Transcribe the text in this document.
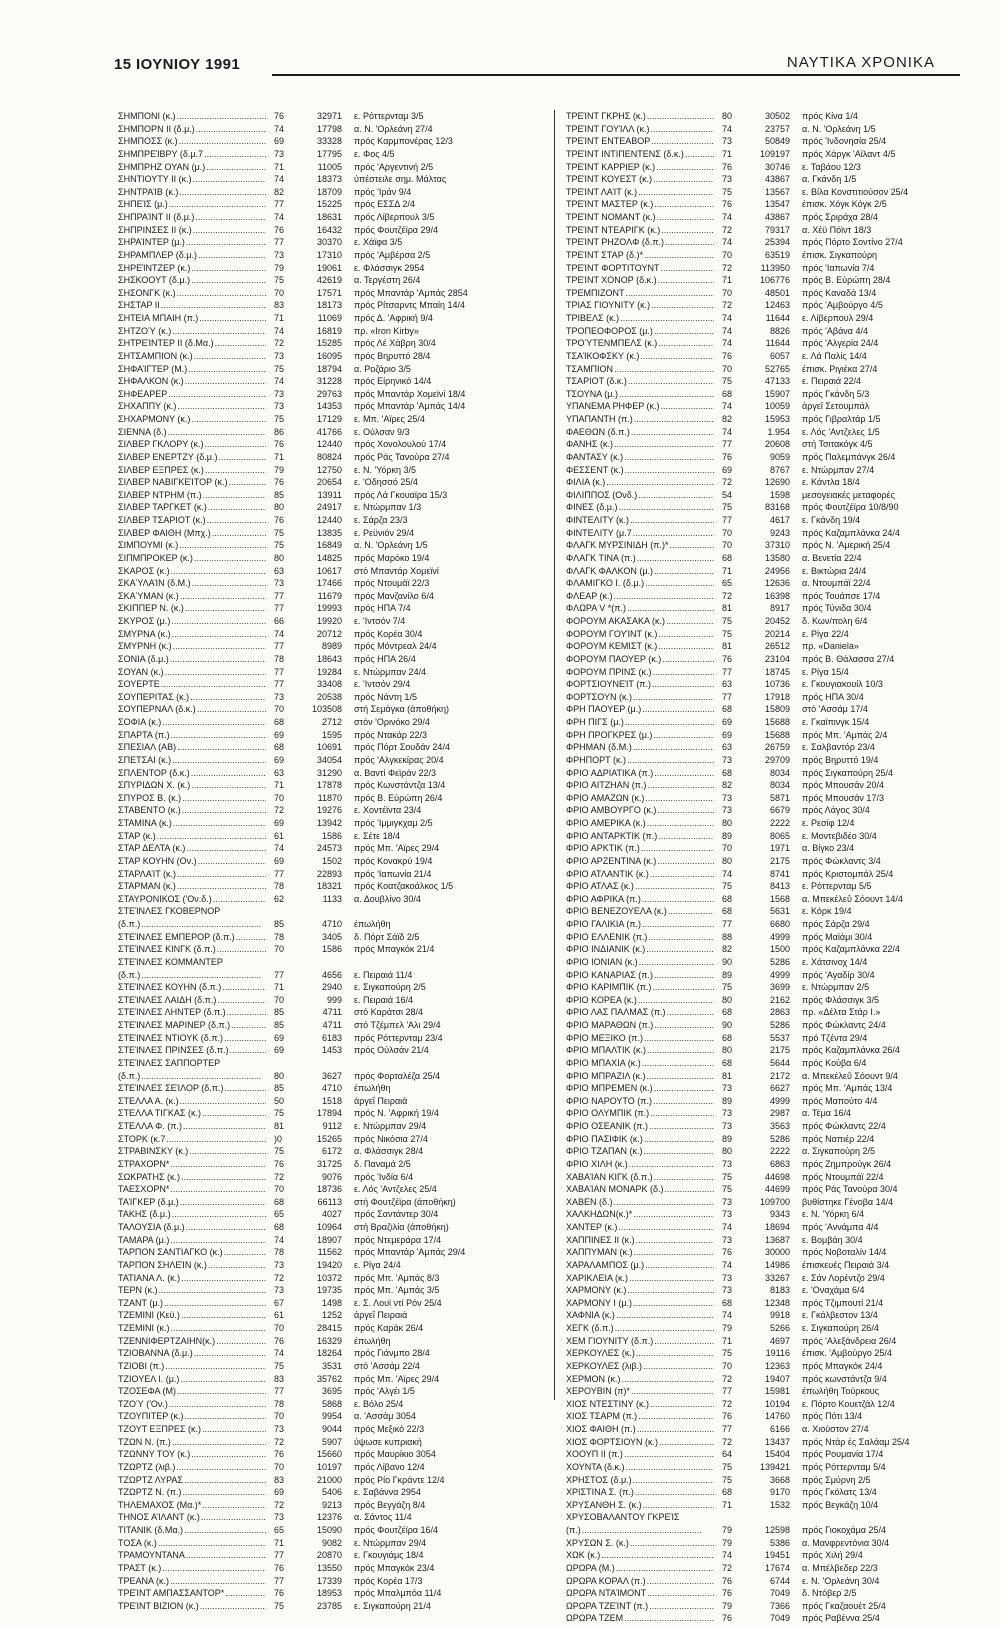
15 ΙΟΥΝΙΟΥ 1991	ΝΑΥΤΙΚΑ ΧΡΟΝΙΚΑ
ΣΗΜΠΟΝΙ (κ.) .....	76	32971 ε. Ρόττερνταμ 3/5
ΣΗΜΠΟΡΝ ΙΙ (δ.μ.) .....	74	17798 α. Ν. 'Ορλεάνη 27/4
ΣΗΜΠΟΣΣ (κ.) .....	69	33328 πρός Καρμπονέρας 12/3
ΣΗΜΠΡΕΊΒΡΥ (δ.μ.7 .....	73	17795 ε. Φος 4/5
ΣΗΜΠΡΗΖ ΟΥΑΝ (μ.) .....	71	11005 πρός 'Αργεντινή 2/5
ΣΗΝΤΙΟΥΤΥ ΙΙ (κ.) .....	74	18373 ύπέστειλε σημ. Μάλτας
ΣΗΝΤΡΑΊΒ (κ.) .....	82	18709 πρός 'Ιράν 9/4
ΣΗΠΕΊΣ (μ.) .....	77	15225 πρός ΕΣΣΔ 2/4
ΣΗΠΡΑΊΝΤ ΙΙ (δ.μ.) .....	74	18631 πρός Λίβερπουλ 3/5
ΣΗΠΡΙΝΣΕΣ ΙΙ (κ.) .....	76	16432 πρός Φουτζέϊρα 29/4
ΣΗΡΑΊΝΤΕΡ (μ.) .....	77	30370 ε. Χάϊφα 3/5
ΣΗΡΑΜΠΛΕΡ (δ.μ.) .....	73	17310 πρός 'Αμβέρσα 2/5
ΣΗΡΕΊΝΤΖΕΡ (κ.) .....	79	19061 ε. Φλάσσιγκ 2954
ΣΗΣΚΟΟΥΤ (δ.μ.) .....	75	42619 α. Τεργέστη 26/4
ΣΗΣΟΝΓΚ (κ.) .....	70	17571 πρός Μπαντάρ 'Αμπάς 2854
ΣΗΣΤΑΡ ΙΙ .....	83	18173 πρός Ρίτσαρντς Μπαίη 14/4
ΣΗΤΕΙΑ ΜΠΑΙΗ (π.) .....	71	11069 πρός Δ. 'Αφρική 9/4
ΣΗΤΖΟΎ (κ.) .....	74	16819 πρ. «Iron Kirby»
ΣΗΤΡΕΊΝΤΕΡ ΙΙ (δ.Μα.) .....	72	15285 πρός Λέ Χάβρη 30/4
ΣΗΤΣΑΜΠΙΟΝ (κ.) .....	73	16095 πρός Βηρυττό 28/4
ΣΗΦΑΊΓΤΕΡ (Μ.) .....	75	18794 α. Ροζάριο 3/5
ΣΗΦΑΛΚΟΝ (κ.) .....	74	31228 πρός Είρηνικό 14/4
ΣΗΦΕΑΡΕΡ .....	73	29763 πρός Μπαντάρ Χομεϊνί 18/4
ΣΗΧΑΠΠΥ (κ.) .....	73	14353 πρός Μπαντάρ 'Αμπάς 14/4
ΣΗΧΑΡΜΟΝΥ (κ.) .....	75	17129 ε. Μπ. 'Αϊρες 25/4
ΣΙΕΝΝΑ (δ.) .....	86	41766 ε. Ούλσαν 9/3
ΣΙΛΒΕΡ ΓΚΛΟΡΥ (κ.) .....	76	12440 πρός Χονολουλού 17/4
ΣΙΛΒΕΡ ΕΝΕΡΤΖΥ (δ.μ.) .....	71	80824 πρός Ράς Τανούρα 27/4
ΣΙΛΒΕΡ ΕΞΠΡΕΣ (κ.) .....	79	12750 ε. Ν. 'Υόρκη 3/5
ΣΙΛΒΕΡ ΝΑΒΙΓΚΕΊΤΟΡ (κ.) .....	76	20654 ε. 'Οδησσό 25/4
ΣΙΛΒΕΡ ΝΤΡΗΜ (π.) .....	85	13911 πρός Λά Γκουαϊρα 15/3
ΣΙΛΒΕΡ ΤΑΡΓΚΕΤ (κ.) .....	80	24917 ε. Ντώρμπαν 1/3
ΣΙΛΒΕΡ ΤΣΑΡΙΟΤ (κ.) .....	76	12440 ε. Σάρζα 23/3
ΣΙΛΒΕΡ ΦΑΙΘΗ (Μπχ.) .....	75	13835 ε. Ρεϋνιόν 29/4
ΣΙΜΠΟΥΜΙ (κ.) .....	75	16849 α. Ν. 'Ορλεάνη 1/5
ΣΙΠΜΠΡΟΚΕΡ (κ.) .....	80	14825 πρός Μαρόκο 19/4
ΣΚΑΡΟΣ (κ.) .....	63	10617 στό Μπαντάρ Χομεϊνί
ΣΚΑΎΛΑΊΝ (δ.Μ.) .....	73	17466 πρός Ντουμάϊ 22/3
ΣΚΑΎΜΑΝ (κ.) .....	77	11679 πρός Μανζανίλο 6/4
ΣΚΙΠΠΕΡ Ν. (κ.) .....	77	19993 πρός ΗΠΑ 7/4
ΣΚΥΡΟΣ (μ.) .....	66	19920 ε. 'Ιντσόν 7/4
ΣΜΥΡΝΑ (κ.) .....	74	20712 πρός Κορέα 30/4
ΣΜΥΡΝΗ (κ.) .....	77	8989 πρός Μόντρεαλ 24/4
ΣΟΝΙΑ (δ.μ.) .....	78	18643 πρός ΗΠΑ 26/4
ΣΟΥΑΝ (κ.) .....	77	19284 ε. Ντώρμπαν 24/4
ΣΟΥΕΡΤΕ .....	77	33408 ε. 'Ιντσόν 29/4
ΣΟΥΠΕΡΙΤΑΣ (κ.) .....	73	20538 πρός Νάντη 1/5
ΣΟΥΠΕΡΝΑΛ (δ.κ.) .....	70	103508 στή Σεμάγκα (άποθήκη)
ΣΟΦΙΑ (κ.) .....	68	2712 στόν 'Ορινόκο 29/4
ΣΠΑΡΤΑ (π.) .....	69	1595 πρός Ντακάρ 22/3
ΣΠΕΣΙΑΛ (ΑΒ) .....	68	10691 πρός Πόρτ Σουδάν 24/4
ΣΠΕΤΣΑΙ (κ.) .....	69	34054 πρός 'Αλγκεκίρας 20/4
ΣΠΛΕΝΤΟΡ (δ.κ.) .....	63	31290 α. Βαντί Φεϊράν 22/3
ΣΠΥΡΙΔΩΝ Χ. (κ.) .....	71	17878 πρός Κωνστάντζα 13/4
ΣΠΥΡΟΣ Β. (κ.) .....	70	11870 πρός Β. Εύρώπη 26/4
ΣΤΑΒΕΝΤΟ (κ.) .....	72	19276 ε. Χοντέϊντα 23/4
ΣΤΑΜΙΝΑ (κ.) .....	69	13942 πρός 'Ιμμιγκχαμ 2/5
ΣΤΑΡ (κ.) .....	61	1586 ε. Σέτε 18/4
ΣΤΑΡ ΔΕΛΤΑ (κ.) .....	74	24573 πρός Μπ. 'Αϊρες 29/4
ΣΤΑΡ ΚΟΥΗΝ (Ον.) .....	69	1502 πρός Κονακρύ 19/4
ΣΤΑΡΛΑΊΤ (κ.) .....	77	22893 πρός 'Ιαπωνία 21/4
ΣΤΑΡΜΑΝ (κ.) .....	78	18321 πρός Κοατζακοάλκος 1/5
ΣΤΑΥΡΟΝΙΚΟΣ ('Ον.δ.) .....	62	1133 α. Δουβλίνο 30/4
ΣΤΕΊΝΛΕΣ ΓΚΟΒΕΡΝΟΡ
(δ.π.) .....	85	4710 έπωλήθη
ΣΤΕΊΝΛΕΣ ΕΜΠΕΡΟΡ (δ.π.) .....	78	3405 δ. Πόρτ Σάϊδ 2/5
ΣΤΕΊΝΛΕΣ ΚΙΝΓΚ (δ.π.) .....	70	1586 πρός Μπαγκόκ 21/4
ΣΤΕΊΝΛΕΣ ΚΟΜΜΑΝΤΕΡ
(δ.π.) .....	77	4656 ε. Πειραιά 11/4
ΣΤΕΊΝΛΕΣ ΚΟΥΗΝ (δ.π.) .....	71	2940 ε. Σιγκαπούρη 2/5
ΣΤΕΊΝΛΕΣ ΛΑΙΔΗ (δ.π.) .....	70	999 ε. Πειραιά 16/4
ΣΤΕΊΝΛΕΣ ΛΗΝΤΕΡ (δ.π.) .....	85	4711 στό Καράτσι 28/4
ΣΤΕΊΝΛΕΣ ΜΑΡΙΝΕΡ (δ.π.) .....	85	4711 στό Τζέμπελ 'Αλι 29/4
ΣΤΕΊΝΛΕΣ ΝΤΙΟΥΚ (δ.π.) .....	69	6183 πρός Ρόττερνταμ 23/4
ΣΤΕΊΝΛΕΣ ΠΡΙΝΣΕΣ (δ.π.) .....	69	1453 πρός Ούλσάν 21/4
ΣΤΕΊΝΛΕΣ ΣΑΠΠΟΡΤΕΡ
(δ.π.) .....	80	3627 πρός Φορταλέζα 25/4
ΣΤΕΊΝΛΕΣ ΣΕΊΛΟΡ (δ.π.) .....	85	4710 έπωλήθη
ΣΤΕΛΛΑ Α. (κ.) .....	50	1518 άργεΐ Πειραιά
ΣΤΕΛΛΑ ΤΙΓΚΑΣ (κ.) .....	75	17894 πρός Ν. 'Αφρική 19/4
ΣΤΕΛΛΑ Φ. (π.) .....	81	9112 ε. Ντώρμπαν 29/4
ΣΤΟΡΚ (κ.7 .....	)0	15265 πρός Νικόσια 27/4
ΣΤΡΑΒΙΝΣΚΥ (κ.) .....	75	6172 α. Φλάσσιγκ 28/4
ΣΤΡΑΧΟΡΝ* .....	76	31725 δ. Παναμά 2/5
ΣΩΚΡΑΤΗΣ (κ.) .....	72	9076 πρός 'Ινδία 6/4
ΤΑΕΣΧΟΡΝ* .....	70	18736 ε. Λός 'Αντζελες 25/4
ΤΑΊΓΚΕΡ (δ.μ.) .....	68	66113 στή Φουτζέϊρα (άποθήκη)
ΤΑΚΗΣ (δ.μ.) .....	65	4027 πρός Σαντάντερ 30/4
ΤΑΛΟΥΣΙΑ (δ.μ.) .....	68	10964 στή Βραζιλία (άποθήκη)
ΤΑΜΑΡΑ (μ.) .....	74	18907 πρός Ντεμεράρα 17/4
ΤΑΡΠΟΝ ΣΑΝΤΙΑΓΚΟ (κ.) .....	78	11562 πρός Μπαντάρ 'Αμπάς 29/4
ΤΑΡΠΟΝ ΣΗΛΕΊΝ (κ.) .....	73	19420 ε. Ρίγα 24/4
ΤΑΤΙΑΝΑ Λ. (κ.) .....	72	10372 πρός Μπ. 'Αμπάς 8/3
ΤΕΡΝ (κ.) .....	73	19735 πρός Μπ. 'Αμπάς 3/5
ΤΖΑΝΤ (μ.) .....	67	1498 ε. Σ. Λουϊ ντί Ρόν 25/4
ΤΖΕΜΙΝΙ (Κεϋ.) .....	61	1252 άργεΐ Πειραιά
ΤΖΕΜΙΝΙ (κ.) .....	70	28415 πρός Καράκ 26/4
ΤΖΕΝΝΙΦΕΡΤΖΑΙΗΝ(κ.) .....	76	16329 έπωλήθη
ΤΖΙΟΒΑΝΝΑ (δ.μ.) .....	74	18264 πρός Γιάνμπο 28/4
ΤΖΙΟΒΙ (π.) .....	75	3531 στό 'Ασσάμ 22/4
ΤΖΙΟΥΕΛ Ι. (μ.) .....	83	35762 πρός Μπ. 'Αϊρες 29/4
ΤΖΟΣΕΦΑ (Μ) .....	77	3695 πρός 'Αλγέι 1/5
ΤΖΟΎ ('Ον.) .....	78	5868 ε. Βόλο 25/4
ΤΖΟΥΠΙΤΕΡ (κ.) .....	70	9954 α. 'Ασσάμ 3054
ΤΖΟΥΤ ΕΞΠΡΕΣ (κ.) .....	73	9044 πρός Μεξικό 22/3
ΤΖΩΝ Ν. (π.) .....	72	5907 ύψωσε κυπριακή
ΤΖΩΝΝΥ ΤΟΥ (κ.) .....	76	15660 πρός Μαυρίκιο 3054
ΤΖΩΡΤΖ (λιβ.) .....	70	10197 πρός Λίβανο 12/4
ΤΖΩΡΤΖ ΛΥΡΑΣ .....	83	21000 πρός Ρίο Γκράντε 12/4
ΤΖΩΡΤΖ Ν. (π.) .....	69	5406 ε. Σαβάννα 2954
ΤΗΛΕΜΑΧΟΣ (Μα.)* .....	72	9213 πρός Βεγγάζη 8/4
ΤΗΝΟΣ ΑΊΛΑΝΤ (κ.) .....	73	12376 α. Σάντος 11/4
ΤΙΤΑΝΙΚ (δ.Μα.) .....	65	15090 πρός Φουτζέϊρα 16/4
ΤΟΣΑ (κ.) .....	71	9082 ε. Ντώρμπαν 29/4
ΤΡΑΜΟΥΝΤΑΝΑ .....	77	20870 ε. Γκουγιάμς 18/4
ΤΡΑΣΤ (κ.) .....	76	13550 πρός Μπαγκόκ 23/4
ΤΡΕΑΝΑ (κ.) .....	77	17339 πρός Κορέα 17/3
ΤΡΕΊΝΤ ΑΜΠΑΣΣΑΝΤΟΡ* .....	76	18953 πρός Μπαλμπόα 11/4
ΤΡΕΊΝΤ ΒΙΖΙΟΝ (κ.) .....	75	23785 ε. Σιγκαπούρη 21/4
ΤΡΕΊΝΤ ΓΚΡΗΣ (κ.) .....	80	30502 πρός Κίνα 1/4
ΤΡΕΊΝΤ ΓΟΥΊΛΛ (κ.) .....	74	23757 α. Ν. 'Ορλεάνη 1/5
ΤΡΕΊΝΤ ΕΝΤΕΑΒΟΡ .....	73	50849 πρός 'Ινδονησία 25/4
ΤΡΕΊΝΤ ΙΝΤΙΠΕΝΤΕΝΣ (δ.κ.) .....	71	109197 πρός Χάργκ 'Αϊλαντ 4/5
ΤΡΕΊΝΤ ΚΑΡΡΙΕΡ (κ.) .....	76	30746 ε. Ταβάου 12/3
ΤΡΕΊΝΤ ΚΟΥΕΣΤ (κ.) .....	73	43867 α. Γκάνδη 1/5
ΤΡΕΊΝΤ ΛΑΊΤ (κ.) .....	75	13567 ε. Βίλα Κονστιτιούσον 25/4
ΤΡΕΊΝΤ ΜΑΣΤΕΡ (κ.) .....	76	13547 έπισκ. Χόγκ Κόγκ 2/5
ΤΡΕΊΝΤ ΝΟΜΑΝΤ (κ.) .....	74	43867 πρός Σριράχα 28/4
ΤΡΕΊΝΤ ΝΤΕΑΡΙΓΚ (κ.) .....	72	79317 α. Χέϋ Πόϊντ 18/3
ΤΡΕΊΝΤ ΡΗΖΟΛΦ (δ.π.) .....	74	25394 πρός Πόρτο Σοντίνο 27/4
ΤΡΕΊΝΤ ΣΤΑΡ (δ.)* .....	70	63519 έπισκ. Σιγκαπούρη
ΤΡΕΊΝΤ ΦΟΡΤΙΤΟΥΝΤ .....	72	113950 πρός 'Ιαπωνία 7/4
ΤΡΕΊΝΤ ΧΟΝΟΡ (δ.κ.) .....	71	106776 πρός Β. Εύρώπη 28/4
ΤΡΕΜΠΙΖΟΝΤ .....	70	48501 πρός Καναδά 13/4
ΤΡΙΑΣ ΓΙΟΥΝΙΤΥ (κ.) .....	72	12463 πρός 'Αμβούργο 4/5
ΤΡΙΒΕΛΣ (κ.) .....	74	11644 ε. Λίβερπουλ 29/4
ΤΡΟΠΕΟΦΟΡΟΣ (μ.) .....	74	8826 πρός 'Αβάνα 4/4
ΤΡΟΎΤΕΝΜΠΕΛΣ (κ.) .....	74	11644 πρός 'Αλγερία 24/4
ΤΣΑΊΚΟΦΣΚΥ (κ.) .....	76	6057 ε. Λά Παλίς 14/4
ΤΣΑΜΠΙΟΝ .....	70	52765 έπισκ. Ριγιέκα 27/4
ΤΣΑΡΙΟΤ (δ.κ.) .....	75	47133 ε. Πειραιά 22/4
ΤΣΟΥΝΑ (μ.) .....	68	15907 πρός Γκάνδη 5/3
ΥΠΑΝΕΜΑ ΡΗΦΕΡ (κ.) .....	74	10059 άργεΐ Σετουμπάλ
ΥΠΑΠΑΝΤΗ (π.) .....	82	15953 πρός Γιβραλτάρ 1/5
ΦΑΕΘΩΝ (δ.π.) .....	74	1.954 ε. Λός 'Αντζελες 1/5
ΦΑΝΗΣ (κ.) .....	77	20608 στή Τσιτακόγκ 4/5
ΦΑΝΤΑΣΥ (κ.) .....	76	9059 πρός Παλεμπάνγκ 26/4
ΦΕΣΣΕΝΤ (κ.) .....	69	8767 ε. Ντώρμπαν 27/4
ΦΙΛΙΑ (κ.) .....	72	12690 ε. Κάντλα 18/4
ΦΙΛΙΠΠΟΣ (Ονδ.) .....	54	1598 μεσογειακές μεταφορές
ΦΙΝΕΣ (δ.μ.) .....	75	83168 πρός Φουτζέϊρα 10/8/90
ΦΙΝΤΕΛΙΤΥ (κ.) .....	77	4617 ε. Γκάνδη 19/4
ΦΙΝΤΕΛΙΤΥ (μ.7 .....	70	9243 πρός Καζαμπλάνκα 24/4
ΦΛΑΓΚ ΜΥΡΣΙΝΙΔΗ (π.)* .....	70	37310 πρός Ν. 'Αμερική 25/4
ΦΛΑΓΚ ΤΙΝΑ (π.) .....	68	13580 α. Βενετία 22/4
ΦΛΑΓΚ ΦΑΛΚΟΝ (μ.) .....	71	24956 ε. Βικτώρια 24/4
ΦΛΑΜΙΓΚΟ Ι. (δ.μ.) .....	65	12636 α. Ντουμπάϊ 22/4
ΦΛΕΑΡ (κ.) .....	72	16398 πρός Τουάπσε 17/4
ΦΛΩΡΑ V *(π.) .....	81	8917 πρός Τύνιδα 30/4
ΦΟΡΟΥΜ ΑΚΑΣΑΚΑ (κ.) .....	75	20452 δ. Κων/πολη 6/4
ΦΟΡΟΥΜ ΓΟΥΊΝΤ (κ.) .....	75	20214 ε. Ρίγα 22/4
ΦΟΡΟΥΜ ΚΕΜΙΣΤ (κ.) .....	81	26512 πρ. «Daniela»
ΦΟΡΟΥΜ ΠΑΟΥΕΡ (κ.) .....	76	23104 πρός Β. Θάλασσα 27/4
ΦΟΡΟΥΜ ΠΡΙΝΣ (κ.) .....	77	18745 ε. Ρίγα 15/4
ΦΟΡΤΣΙΟΥΝΕΊΤ (π.) .....	63	10736 ε. Γκουγιακουίλ 10/3
ΦΟΡΤΣΟΥΝ (κ.) .....	77	17918 πρός ΗΠΑ 30/4
ΦΡΗ ΠΑΟΥΕΡ (μ.) .....	68	15809 στό 'Ασσάμ 17/4
ΦΡΗ ΠΙΓΣ (μ.) .....	69	15688 ε. Γκαϊπινγκ 15/4
ΦΡΗ ΠΡΟΓΚΡΕΣ (μ.) .....	69	15688 πρός Μπ. 'Αμπάς 2/4
ΦΡΗΜΑΝ (δ.Μ.) .....	63	26759 ε. Σαλβαντόρ 23/4
ΦΡΗΠΟΡΤ (κ.) .....	73	29709 πρός Βηρυττό 19/4
ΦΡΙΟ ΑΔΡΙΑΤΙΚΑ (π.) .....	68	8034 πρός Σιγκαπούρη 25/4
ΦΡΙΟ ΑΙΤΖΗΑΝ (π.) .....	82	8034 πρός Μπουσάν 20/4
ΦΡΙΟ ΑΜΑΖΩΝ (κ.) .....	73	5871 πρός Μπουσάν 17/3
ΦΡΙΟ ΑΜΒΟΥΡΓΟ (κ.) .....	73	6679 πρός Λάγος 30/4
ΦΡΙΟ ΑΜΕΡΙΚΑ (κ.) .....	80	2222 ε. Ρεσίφ 12/4
ΦΡΙΟ ΑΝΤΑΡΚΤΙΚ (π.) .....	89	8065 ε. Μοντεβιδέο 30/4
ΦΡΙΟ ΑΡΚΤΙΚ (π.) .....	70	1971 α. Βίγκο 23/4
ΦΡΙΟ ΑΡΖΕΝΤΙΝΑ (κ.) .....	80	2175 πρός Φώκλαντς 3/4
ΦΡΙΟ ΑΤΛΑΝΤΙΚ (κ.) .....	74	8741 πρός Κριστομπάλ 25/4
ΦΡΙΟ ΑΤΛΑΣ (κ.) .....	75	8413 ε. Ρόττερνταμ 5/5
ΦΡΙΟ ΑΦΡΙΚΑ (π.) .....	68	1568 α. Μπεκέλεΰ Σόουντ 14/4
ΦΡΙΟ ΒΕΝΕΖΟΥΕΛΑ (κ.) .....	68	5631 ε. Κόρκ 19/4
ΦΡΙΟ ΓΑΛΙΚΙΑ (π.) .....	77	6680 πρός Σάρζα 29/4
ΦΡΙΟ ΕΛΛΕΝΙΚ (π.) .....	88	4999 πρός Μαϊάμι 30/4
ΦΡΙΟ ΙΝΔΙΑΝΙΚ (κ.) .....	82	1500 πρός Καζαμπλάνκα 22/4
ΦΡΙΟ ΙΟΝΙΑΝ (κ.) .....	90	5286 ε. Χάτσινοχ 14/4
ΦΡΙΟ ΚΑΝΑΡΙΑΣ (π.) .....	89	4999 πρός 'Αγαδίρ 30/4
ΦΡΙΟ ΚΑΡΙΜΠΙΚ (π.) .....	75	3699 ε. Ντώρμπαν 2/5
ΦΡΙΟ ΚΟΡΕΑ (κ.) .....	80	2162 πρός Φλάσσιγκ 3/5
ΦΡΙΟ ΛΑΣ ΠΑΛΜΑΣ (π.) .....	68	2863 πρ. «Δέλτα Στάρ Ι.»
ΦΡΙΟ ΜΑΡΑΘΩΝ (π.) .....	90	5286 πρός Φώκλαντς 24/4
ΦΡΙΟ ΜΕΞΙΚΟ (π.) .....	68	5537 πρό Τζέντα 29/4
ΦΡΙΟ ΜΠΑΛΤΙΚ (κ.) .....	80	2175 πρός Καζαμπλάνκα 26/4
ΦΡΙΟ ΜΠΑΧΙΑ (κ.) .....	68	5644 πρός Κούβα 6/4
ΦΡΙΟ ΜΠΡΑΖΙΛ (κ.) .....	81	2172 α. Μπεκέλεΰ Σόουντ 9/4
ΦΡΙΟ ΜΠΡΕΜΕΝ (κ.) .....	73	6627 πρός Μπ. 'Αμπάς 13/4
ΦΡΙΟ ΝΑΡΟΥΤΟ (π.) .....	89	4999 πρός Μαπούτο 4/4
ΦΡΙΟ ΟΛΥΜΠΙΚ (π.) .....	73	2987 α. Τέμα 16/4
ΦΡΙΟ ΟΣΕΑΝΙΚ (π.) .....	73	3563 πρός Φώκλαντς 22/4
ΦΡΙΟ ΠΑΣΙΦΙΚ (κ.) .....	89	5286 πρός Ναπιέρ 22/4
ΦΡΙΟ ΤΖΑΠΑΝ (κ.) .....	80	2222 α. Σιγκαπούρη 2/5
ΦΡΙΟ ΧΙΛΗ (κ.) .....	73	6863 πρός Ζημπρούγκ 26/4
ΧΑΒΑΊΑΝ ΚΙΓΚ (δ.π.) .....	75	44698 πρός Ντουμπάϊ 22/4
ΧΑΒΑΊΑΝ ΜΟΝΑΡΚ (δ.) .....	75	44699 πρός Ράς Τανούρα 30/4
ΧΑΒΕΝ (δ.) .....	73	109700 βυθίστηκε Γένοβα 14/4
ΧΑΛΚΗΔΩΝ(κ.)* .....	73	9343 ε. Ν. 'Υόρκη 6/4
ΧΑΝΤΕΡ (κ.) .....	74	18694 πρός 'Αννάμπα 4/4
ΧΑΠΠΙΝΕΣ ΙΙ (κ.) .....	73	13687 ε. Βομβάη 30/4
ΧΑΠΠΥΜΑΝ (κ.) .....	76	30000 πρός Νοβοταλίν 14/4
ΧΑΡΑΛΑΜΠΟΣ (μ.) .....	74	14986 έπισκευές Πειραιά 3/4
ΧΑΡΙΚΛΕΙΑ (κ.) .....	73	33267 ε. Σάν Λορέντζο 29/4
ΧΑΡΜΟΝΥ (κ.) .....	73	8183 ε. 'Οναχάμα 6/4
ΧΑΡΜΟΝΥ Ι (μ.) .....	68	12348 πρός Τζιμπουτί 21/4
ΧΑΦΝΙΑ (κ.) .....	74	9918 ε. Γκάλβεστον 13/4
ΧΕΓΚ (δ.π.) .....	79	5266 ε. Σιγκαπούρη 26/4
ΧΕΜ ΓΙΟΥΝΙΤΥ (δ.π.) .....	71	4697 πρός 'Αλεξάνδρεια 26/4
ΧΕΡΚΟΥΛΕΣ (κ.) .....	75	19116 έπισκ. 'Αμβούργο 25/4
ΧΕΡΚΟΥΛΕΣ (λιβ.) .....	70	12363 πρός Μπαγκόκ 24/4
ΧΕΡΜΟΝ (κ.) .....	72	19407 πρός κωνστάντζα 9/4
ΧΕΡΟΥΒΙΝ (π)* .....	77	15981 έπωλήθη Τούρκους
ΧΙΟΣ ΝΤΕΣΤΙΝΥ (κ.) .....	72	10194 ε. Πόρτο Κουετζάλ 12/4
ΧΙΟΣ ΤΣΑΡΜ (π.) .....	76	14760 πρός Πότι 13/4
ΧΙΟΣ ΦΑΙΘΗ (π.) .....	77	6166 α. Χιούστον 27/4
ΧΙΟΣ ΦΟΡΤΣΙΟΥΝ (κ.) .....	72	13437 πρός Ντάρ ές Σαλάαμ 25/4
ΧΟΟΥΠ ΙΙ (π.) .....	64	15404 πρός Ρουμανία 17/4
ΧΟΥΝΤΑ (δ.κ.) .....	75	139421 πρός Ρόττερνταμ 5/4
ΧΡΗΣΤΟΣ (δ.μ.) .....	75	3668 πρός Σμύρνη 2/5
ΧΡΙΣΤΙΝΑ Σ. (π.) .....	68	9170 πρός Γκόλατς 13/4
ΧΡΥΣΑΝΘΗ Σ. (κ.) .....	71	1532 πρός Βεγκάζη 10/4
ΧΡΥΣΟΒΑΛΑΝΤΟΥ ΓΚΡΕΊΣ
(π.) .....	79	12598 πρός Γιοκοχάμα 25/4
ΧΡΥΣΩΝ Σ. (κ.) .....	79	5386 α. Μανφρεντόνια 30/4
ΧΩΚ (κ.) .....	74	19451 πρός Χιλή 29/4
ΩΡΩΡΑ (Μ.) .....	72	17674 α. Μπέλβεδερ 22/3
ΩΡΩΡΑ ΚΟΡΑΛ (π.) .....	76	6744 ε. Ν. 'Ορλεάνη 30/4
ΩΡΩΡΑ ΝΤΑΊΜΟΝΤ .....	76	7049 δ. Ντόβερ 2/5
ΩΡΩΡΑ ΤΖΕΊΝΤ (π.) .....	79	7366 πρός Γκαζαουέτ 25/4
ΩΡΩΡΑ ΤΖΕΜ .....	76	7049 πρός Ραβέννα 25/4
